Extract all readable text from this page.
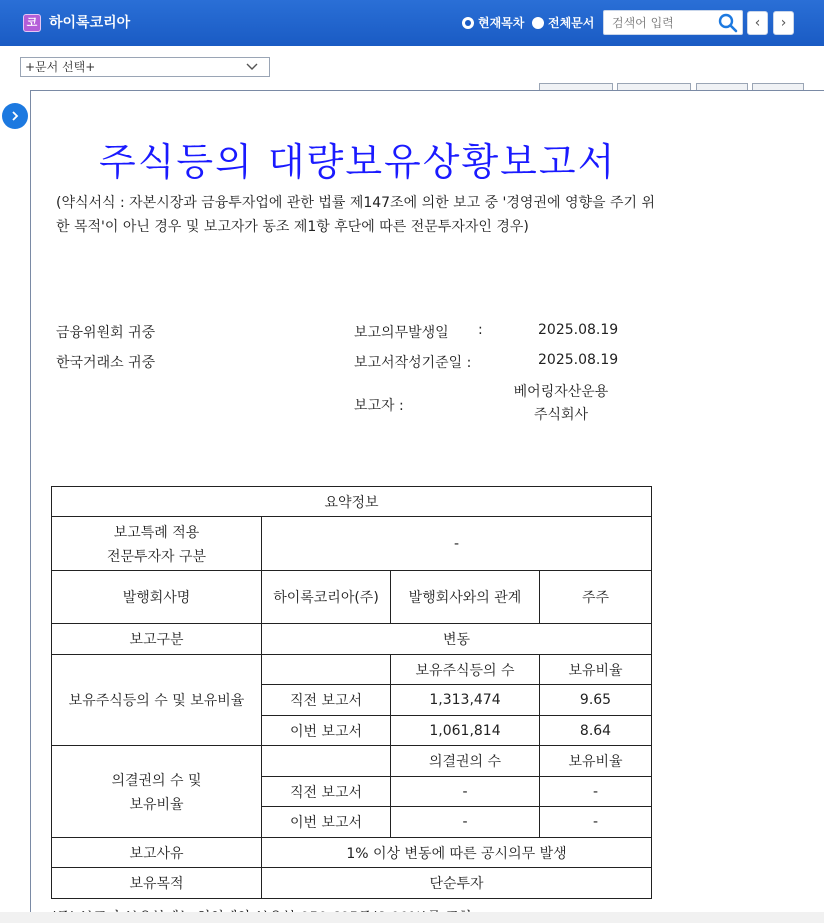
코 하이록코리아	현재목차 전체문서
검색어 입력	‹ ›
+문서 선택+
주식등의 대량보유상황보고서
(약식서식 : 자본시장과 금융투자업에 관한 법률 제147조에 의한 보고 중 '경영권에 영향을 주기 위한 목적'이 아닌 경우 및 보고자가 동조 제1항 후단에 따른 전문투자자인 경우)
금융위원회 귀중
한국거래소 귀중
보고의무발생일 :	2025.08.19
보고서작성기준일 :	2025.08.19
보고자 :
베어링자산운용
주식회사
요약정보			

보고특례 적용
전문투자자 구분	-		
발행회사명	하이록코리아(주)	발행회사와의 관계	주주
보고구분	변동		
보유주식등의 수 및 보유비율		보유주식등의 수	보유비율
	직전 보고서	1,313,474	9.65
	이번 보고서	1,061,814	8.64

의결권의 수 및
보유비율		의결권의 수	보유비율
	직전 보고서	-	-
	이번 보고서	-	-
보고사유	1% 이상 변동에 따른 공시의무 발생		
보유목적	단순투자		
